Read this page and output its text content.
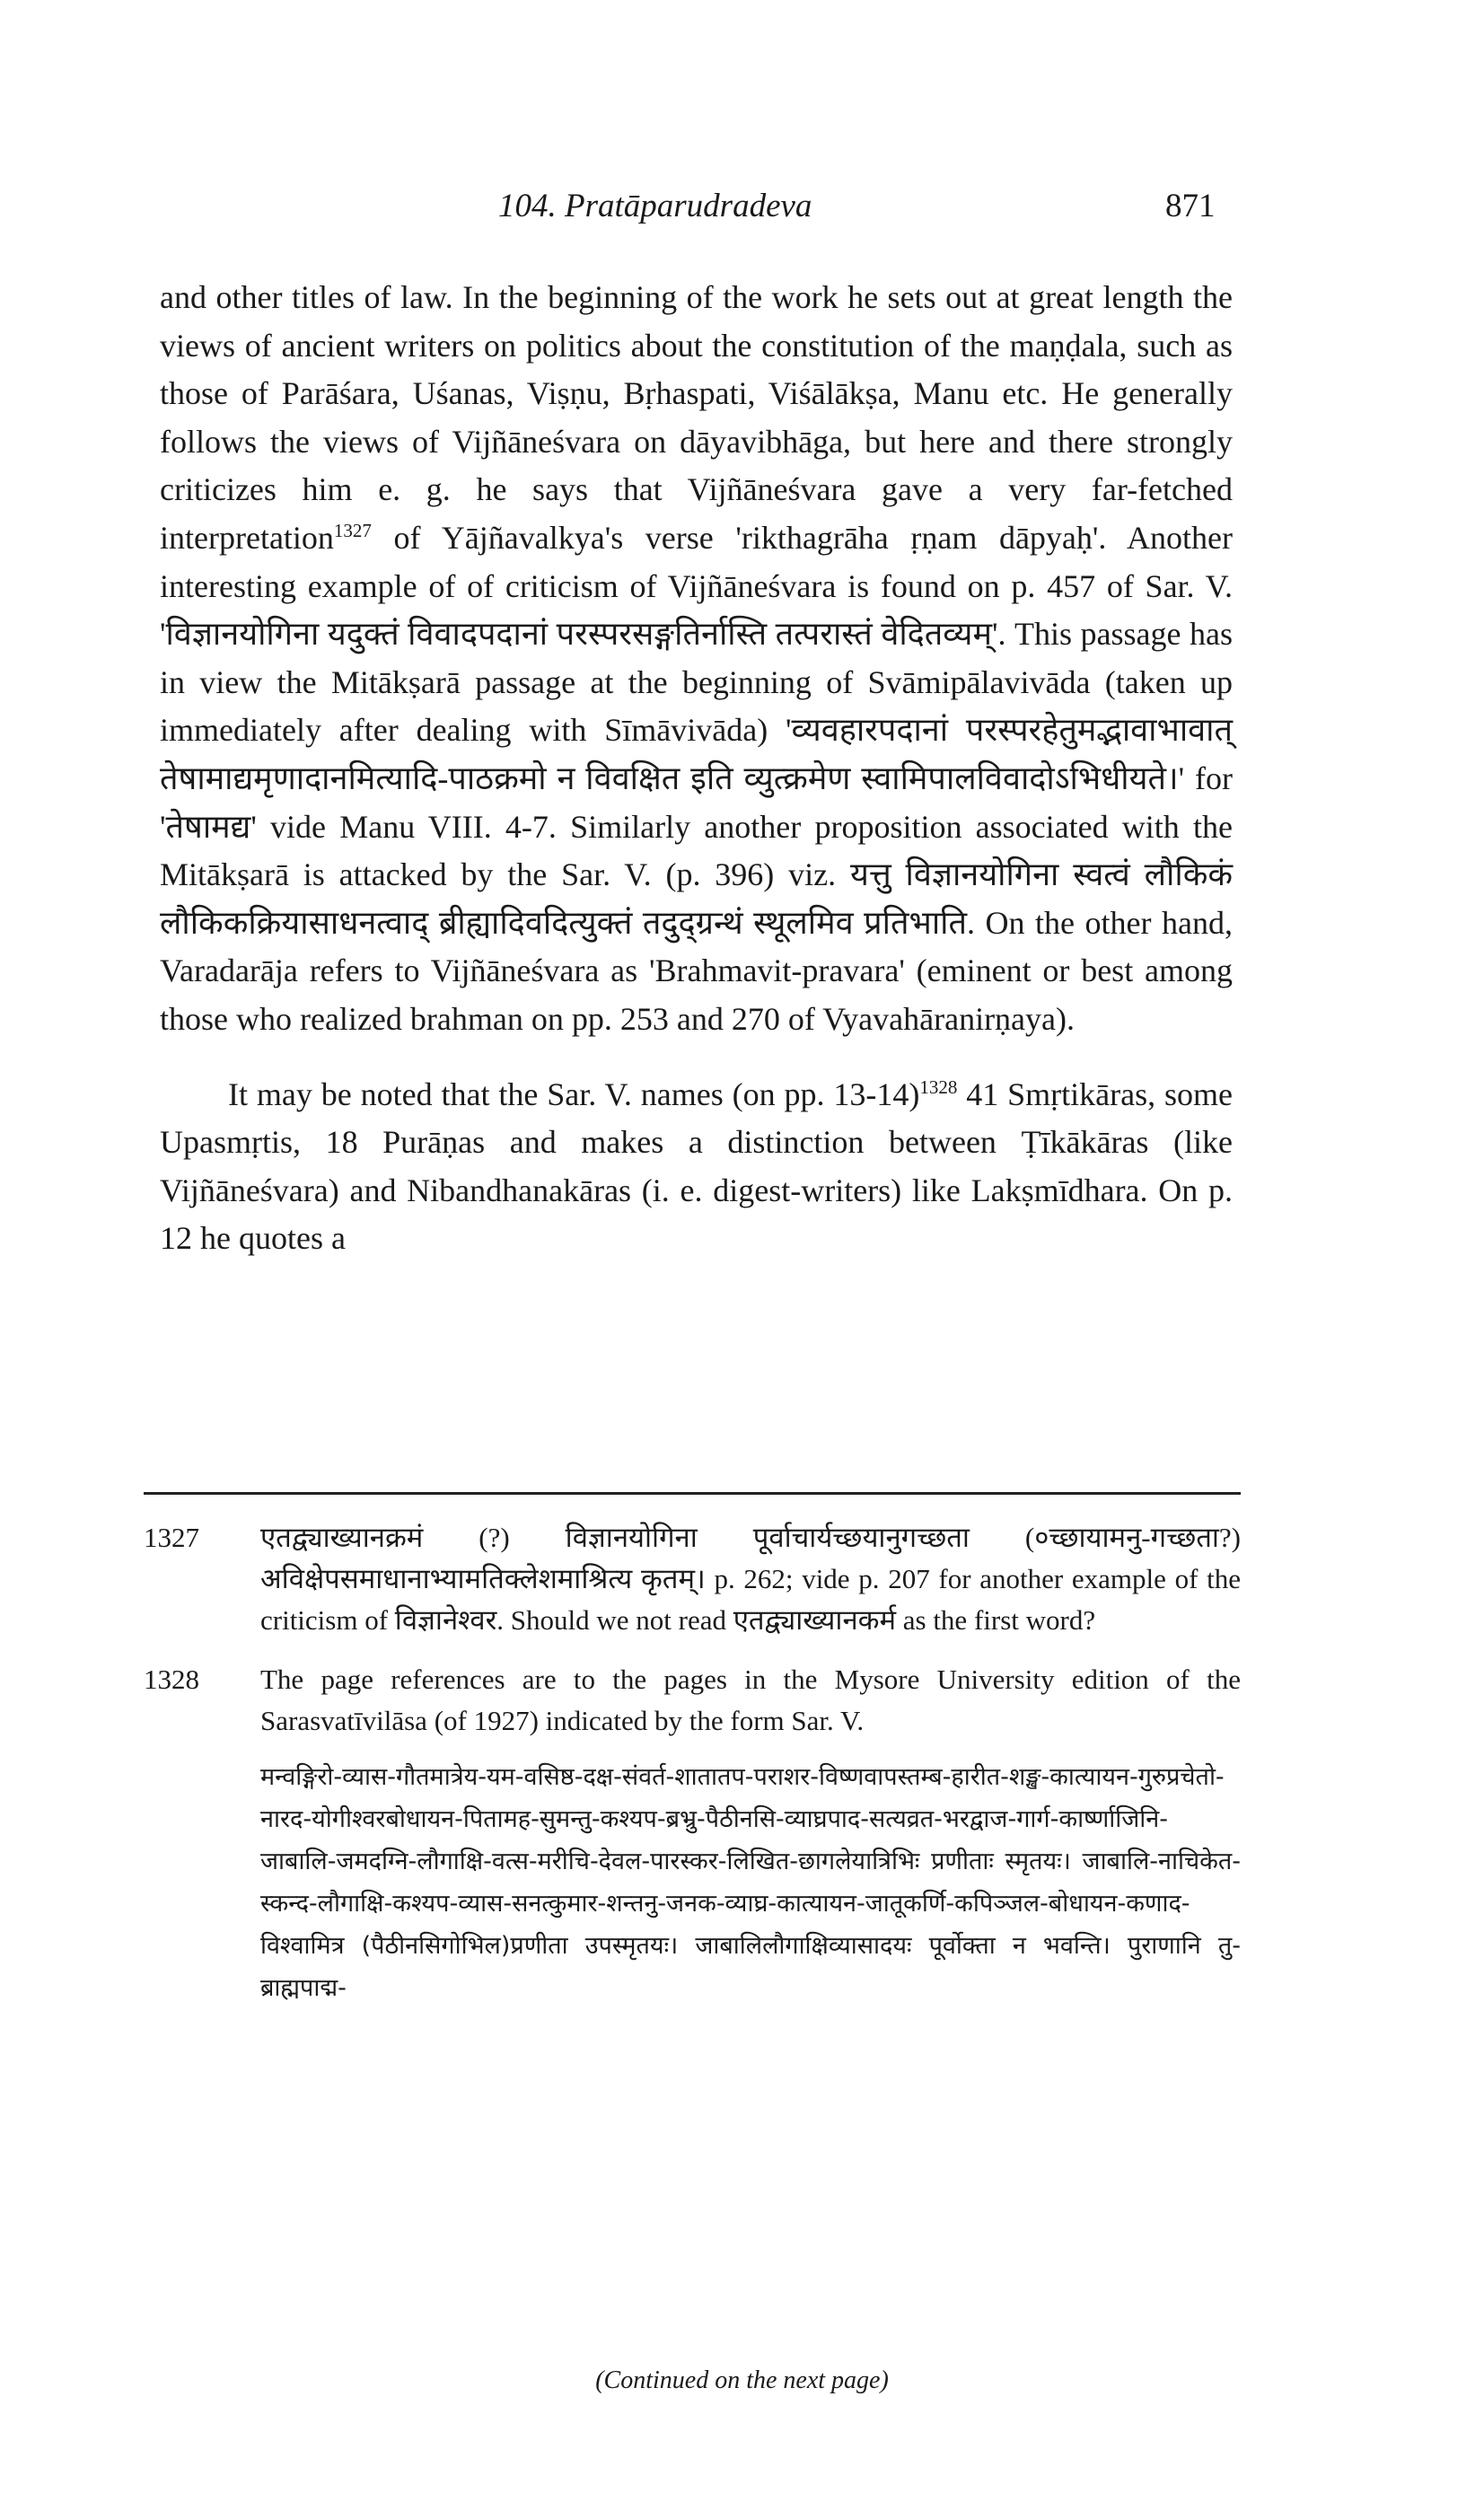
104. Pratāparudradeva	871

and other titles of law. In the beginning of the work he sets out at great length the views of ancient writers on politics about the constitution of the maṇḍala, such as those of Parāśara, Uśanas, Viṣṇu, Bṛhaspati, Viśālākṣa, Manu etc. He generally follows the views of Vijñāneśvara on dāyavibhāga, but here and there strongly criticizes him e. g. he says that Vijñāneśvara gave a very far-fetched interpretation$^{1327}$ of Yājñavalkya's verse 'rikthagrāha ṛṇam dāpyaḥ'. Another interesting example of of criticism of Vijñāneśvara is found on p. 457 of Sar. V. 'विज्ञानयोगिना यदुक्तं विवादपदानां परस्परसङ्गतिर्नास्ति तत्परास्तं वेदितव्यम्'. This passage has in view the Mitākṣarā passage at the beginning of Svāmipālavivāda (taken up immediately after dealing with Sīmāvivāda) 'व्यवहारपदानां परस्परहेतुमद्भावाभावात् तेषामाद्यमृणादानमित्यादि-पाठक्रमो न विवक्षित इति व्युत्क्रमेण स्वामिपालविवादोऽभिधीयते।' for 'तेषामद्य' vide Manu VIII. 4-7. Similarly another proposition associated with the Mitākṣarā is attacked by the Sar. V. (p. 396) viz. यत्तु विज्ञानयोगिना स्वत्वं लौकिकं लौकिकक्रियासाधनत्वाद् ब्रीह्यादिवदित्युक्तं तदुद्ग्रन्थं स्थूलमिव प्रतिभाति. On the other hand, Varadarāja refers to Vijñāneśvara as 'Brahmavit-pravara' (eminent or best among those who realized brahman on pp. 253 and 270 of Vyavahāranirṇaya).

It may be noted that the Sar. V. names (on pp. 13-14)$^{1328}$ 41 Smṛtikāras, some Upasmṛtis, 18 Purāṇas and makes a distinction between Ṭīkākāras (like Vijñāneśvara) and Nibandhanakāras (i. e. digest-writers) like Lakṣmīdhara. On p. 12 he quotes a

1327 एतद्व्याख्यानक्रमं (?) विज्ञानयोगिना पूर्वाचार्यच्छयानुगच्छता (०च्छायामनु-गच्छता?) अविक्षेपसमाधानाभ्यामतिक्लेशमाश्रित्य कृतम्। p. 262; vide p. 207 for another example of the criticism of विज्ञानेश्वर. Should we not read एतद्व्याख्यानकर्म as the first word?
1328 The page references are to the pages in the Mysore University edition of the Sarasvatīvilāsa (of 1927) indicated by the form Sar. V.
मन्वङ्गिरो-व्यास-गौतमात्रेय-यम-वसिष्ठ-दक्ष-संवर्त-शातातप-पराशर-विष्णवापस्तम्ब-हारीत-शङ्ख-कात्यायन-गुरुप्रचेतो-नारद-योगीश्वरबोधायन-पितामह-सुमन्तु-कश्यप-ब्रभ्रु-पैठीनसि-व्याघ्रपाद-सत्यव्रत-भरद्वाज-गार्ग-कार्ष्णाजिनि-जाबालि-जमदग्नि-लौगाक्षि-वत्स-मरीचि-देवल-पारस्कर-लिखित-छागलेयात्रिभिः प्रणीताः स्मृतयः। जाबालि-नाचिकेत-स्कन्द-लौगाक्षि-कश्यप-व्यास-सनत्कुमार-शन्तनु-जनक-व्याघ्र-कात्यायन-जातूकर्णि-कपिञ्जल-बोधायन-कणाद-विश्वामित्र (पैठीनसिगोभिल)प्रणीता उपस्मृतयः। जाबालिलौगाक्षिव्यासादयः पूर्वोक्ता न भवन्ति। पुराणानि तु-ब्राह्मपाद्म-
(Continued on the next page)
